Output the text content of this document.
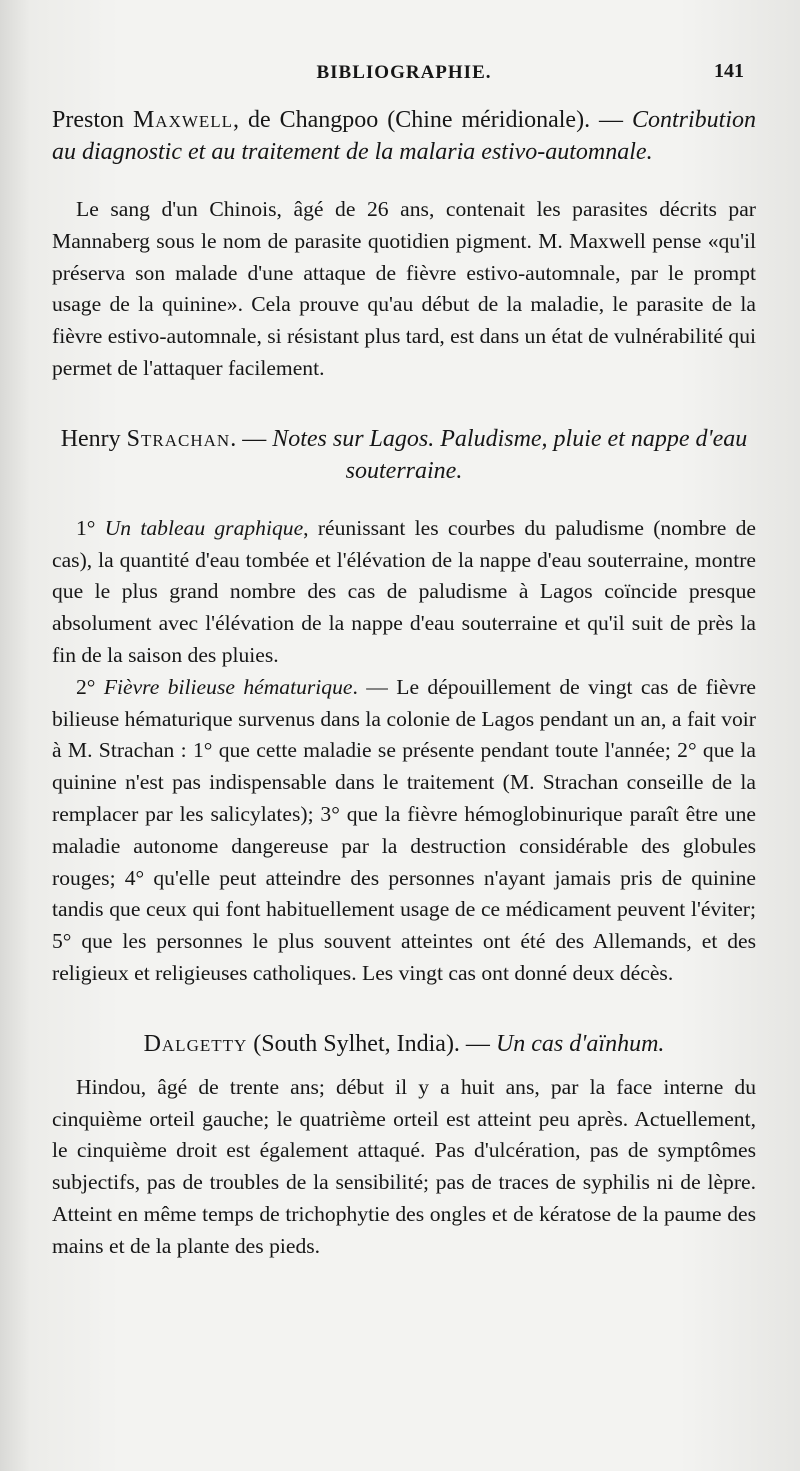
BIBLIOGRAPHIE.	141
Preston Maxwell, de Changpoo (Chine méridionale). — Contribution au diagnostic et au traitement de la malaria estivo-automnale.

Le sang d'un Chinois, âgé de 26 ans, contenait les parasites décrits par Mannaberg sous le nom de parasite quotidien pigment. M. Maxwell pense «qu'il préserva son malade d'une attaque de fièvre estivo-automnale, par le prompt usage de la quinine». Cela prouve qu'au début de la maladie, le parasite de la fièvre estivo-automnale, si résistant plus tard, est dans un état de vulnérabilité qui permet de l'attaquer facilement.

Henry Strachan. — Notes sur Lagos. Paludisme, pluie et nappe d'eau souterraine.

1° Un tableau graphique, réunissant les courbes du paludisme (nombre de cas), la quantité d'eau tombée et l'élévation de la nappe d'eau souterraine, montre que le plus grand nombre des cas de paludisme à Lagos coïncide presque absolument avec l'élévation de la nappe d'eau souterraine et qu'il suit de près la fin de la saison des pluies.

2° Fièvre bilieuse hématurique. — Le dépouillement de vingt cas de fièvre bilieuse hématurique survenus dans la colonie de Lagos pendant un an, a fait voir à M. Strachan : 1° que cette maladie se présente pendant toute l'année; 2° que la quinine n'est pas indispensable dans le traitement (M. Strachan conseille de la remplacer par les salicylates); 3° que la fièvre hémoglobinurique paraît être une maladie autonome dangereuse par la destruction considérable des globules rouges; 4° qu'elle peut atteindre des personnes n'ayant jamais pris de quinine tandis que ceux qui font habituellement usage de ce médicament peuvent l'éviter; 5° que les personnes le plus souvent atteintes ont été des Allemands, et des religieux et religieuses catholiques. Les vingt cas ont donné deux décès.

Dalgetty (South Sylhet, India). — Un cas d'aïnhum.

Hindou, âgé de trente ans; début il y a huit ans, par la face interne du cinquième orteil gauche; le quatrième orteil est atteint peu après. Actuellement, le cinquième droit est également attaqué. Pas d'ulcération, pas de symptômes subjectifs, pas de troubles de la sensibilité; pas de traces de syphilis ni de lèpre. Atteint en même temps de trichophytie des ongles et de kératose de la paume des mains et de la plante des pieds.
